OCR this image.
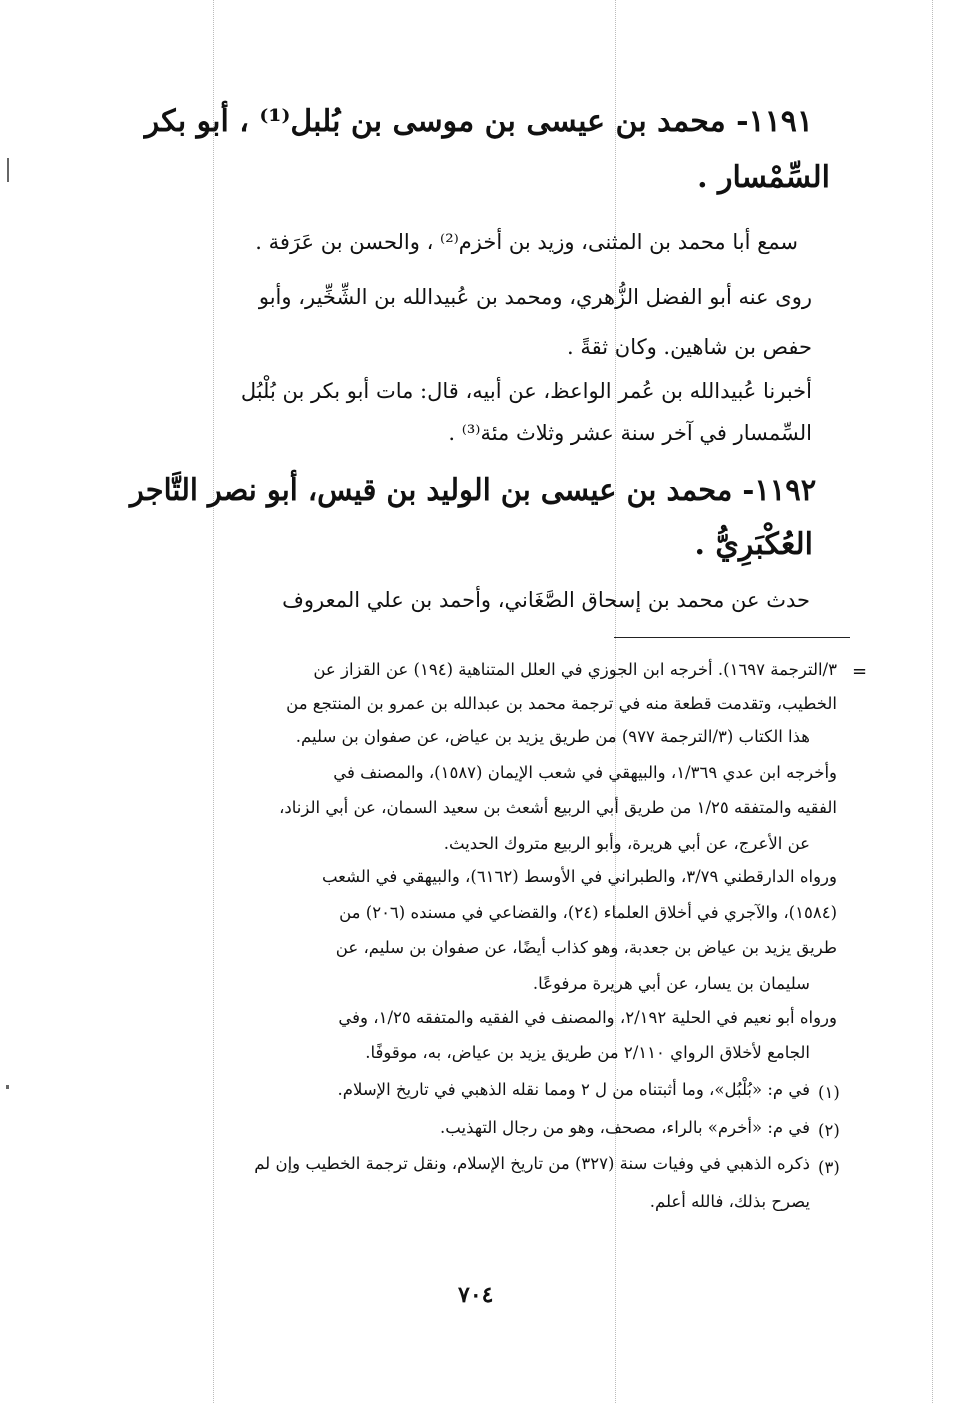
١١٩١- محمد بن عيسى بن موسى بن بُلبل⁽¹⁾ ، أبو بكر
السِّمْسار .
سمع أبا محمد بن المثنى، وزيد بن أخزم⁽²⁾ ، والحسن بن عَرَفة .
روى عنه أبو الفضل الزُّهري، ومحمد بن عُبيدالله بن الشِّخِّير، وأبو
حفص بن شاهين. وكان ثقةً .
أخبرنا عُبيدالله بن عُمر الواعظ، عن أبيه، قال: مات أبو بكر بن بُلْبُل
السِّمسار في آخر سنة عشر وثلاث مئة⁽³⁾ .
١١٩٢- محمد بن عيسى بن الوليد بن قيس، أبو نصر التَّاجر
العُكْبَرِيُّ .
حدث عن محمد بن إسحاق الصَّغَاني، وأحمد بن علي المعروف
=
٣/الترجمة ١٦٩٧). أخرجه ابن الجوزي في العلل المتناهية (١٩٤) عن القزاز عن
الخطيب، وتقدمت قطعة منه في ترجمة محمد بن عبدالله بن عمرو بن المنتجع من
هذا الكتاب (٣/الترجمة ٩٧٧) من طريق يزيد بن عياض، عن صفوان بن سليم.
وأخرجه ابن عدي ١/٣٦٩، والبيهقي في شعب الإيمان (١٥٨٧)، والمصنف في
الفقيه والمتفقه ١/٢٥ من طريق أبي الربيع أشعث بن سعيد السمان، عن أبي الزناد،
عن الأعرج، عن أبي هريرة، وأبو الربيع متروك الحديث.
ورواه الدارقطني ٣/٧٩، والطبراني في الأوسط (٦١٦٢)، والبيهقي في الشعب
(١٥٨٤)، والآجري في أخلاق العلماء (٢٤)، والقضاعي في مسنده (٢٠٦) من
طريق يزيد بن عياض بن جعدبة، وهو كذاب أيضًا، عن صفوان بن سليم، عن
سليمان بن يسار، عن أبي هريرة مرفوعًا.
ورواه أبو نعيم في الحلية ٢/١٩٢، والمصنف في الفقيه والمتفقه ١/٢٥، وفي
الجامع لأخلاق الرواي ٢/١١٠ من طريق يزيد بن عياض، به، موقوفًا.
(١)
في م: «بُلْبُل»، وما أثبتناه من ل ٢ ومما نقله الذهبي في تاريخ الإسلام.
(٢)
في م: «أخرم» بالراء، مصحف، وهو من رجال التهذيب.
(٣)
ذكره الذهبي في وفيات سنة (٣٢٧) من تاريخ الإسلام، ونقل ترجمة الخطيب وإن لم
يصرح بذلك، فالله أعلم.
٧٠٤
